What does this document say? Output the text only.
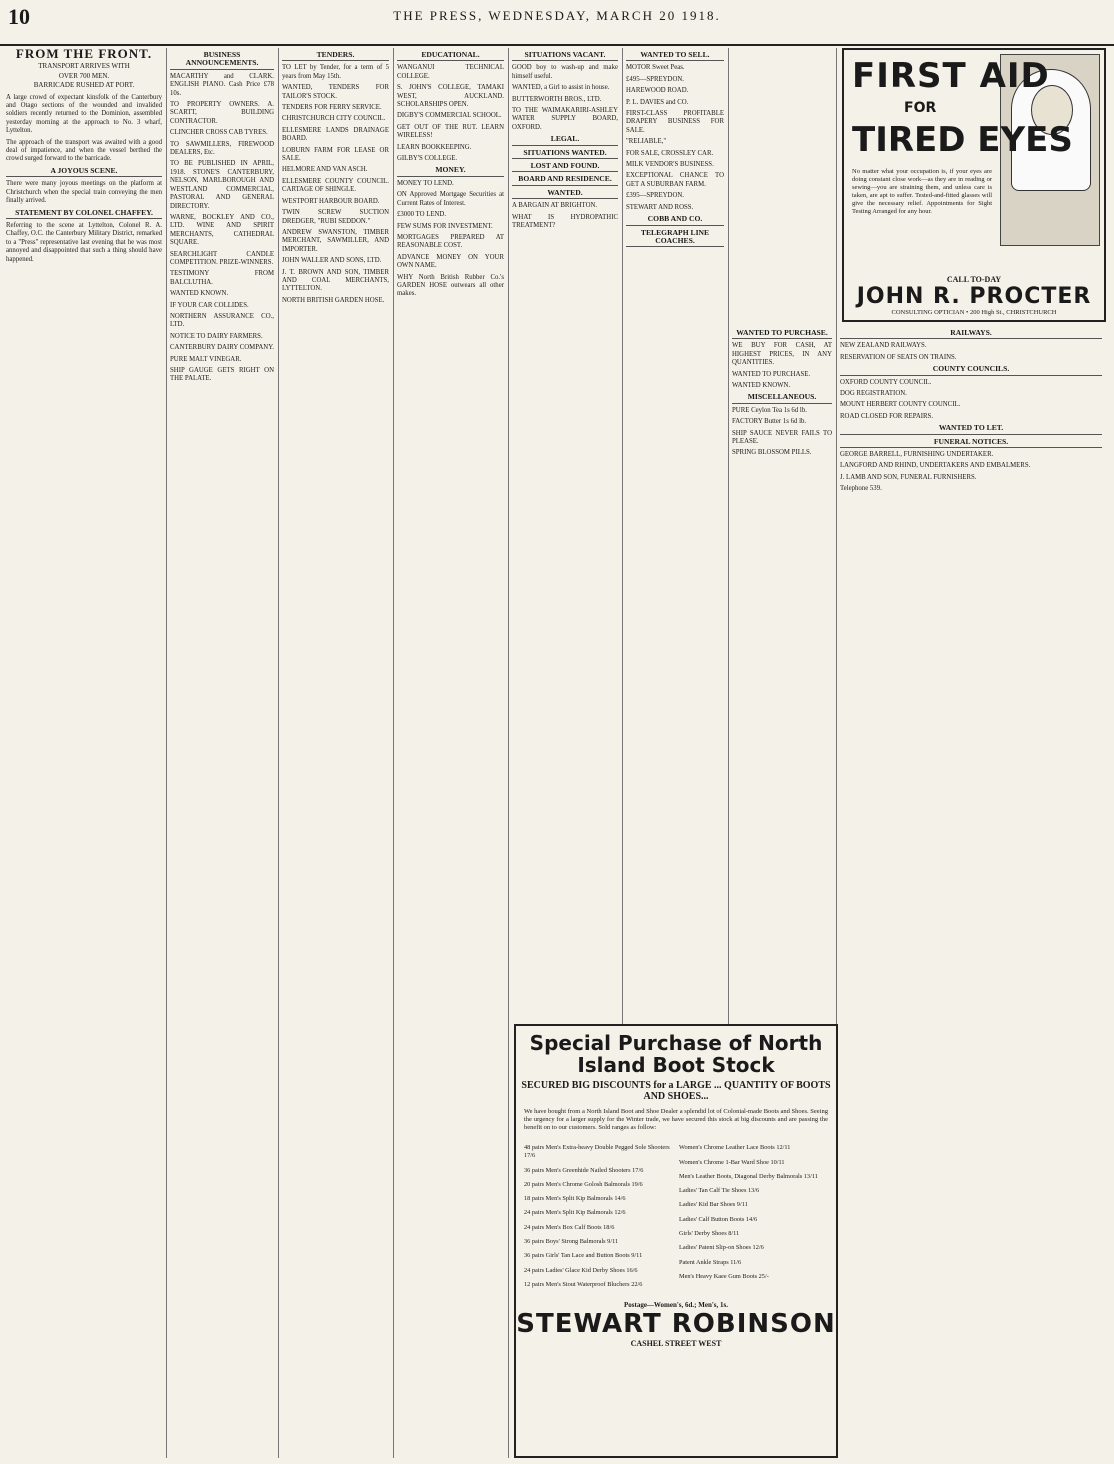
10	THE PRESS, WEDNESDAY, MARCH 20 1918.
FROM THE FRONT.
TRANSPORT ARRIVES WITH
OVER 700 MEN.
BARRICADE RUSHED AT PORT.

A large crowd of expectant kinsfolk of the Canterbury and Otago sections of the wounded and invalided soldiers recently returned to the Dominion, assembled yesterday morning at the approach to No. 3 wharf, Lyttelton.

The approach of the transport was awaited with a good deal of impatience, and when the vessel berthed the crowd surged forward to the barricade.

A JOYOUS SCENE.

There were many joyous meetings on the platform at Christchurch when the special train conveying the men finally arrived.

STATEMENT BY COLONEL CHAFFEY.

Referring to the scene at Lyttelton, Colonel R. A. Chaffey, O.C. the Canterbury Military District, remarked to a "Press" representative last evening that he was most annoyed and disappointed that such a thing should have happened.

BUSINESS ANNOUNCEMENTS.

MACARTHY and CLARK. ENGLISH PIANO. Cash Price £78 10s.

TO PROPERTY OWNERS. A. SCARTT, BUILDING CONTRACTOR.

CLINCHER CROSS CAB TYRES.

TO SAWMILLERS, FIREWOOD DEALERS, Etc.

TO BE PUBLISHED IN APRIL, 1918. STONE'S CANTERBURY, NELSON, MARLBOROUGH AND WESTLAND COMMERCIAL, PASTORAL AND GENERAL DIRECTORY.

WARNE, BOCKLEY AND CO., LTD. WINE AND SPIRIT MERCHANTS, CATHEDRAL SQUARE.

SEARCHLIGHT CANDLE COMPETITION. PRIZE-WINNERS.

TESTIMONY FROM BALCLUTHA.

WANTED KNOWN.

IF YOUR CAR COLLIDES.

NORTHERN ASSURANCE CO., LTD.

NOTICE TO DAIRY FARMERS.

CANTERBURY DAIRY COMPANY.

PURE MALT VINEGAR.

SHIP GAUGE GETS RIGHT ON THE PALATE.

TENDERS.

TO LET by Tender, for a term of 5 years from May 15th.

WANTED, TENDERS FOR TAILOR'S STOCK.

TENDERS FOR FERRY SERVICE.

CHRISTCHURCH CITY COUNCIL.

ELLESMERE LANDS DRAINAGE BOARD.

LOBURN FARM FOR LEASE OR SALE.

HELMORE AND VAN ASCH.

ELLESMERE COUNTY COUNCIL. CARTAGE OF SHINGLE.

WESTPORT HARBOUR BOARD.

TWIN SCREW SUCTION DREDGER, "RUBI SEDDON."

ANDREW SWANSTON, TIMBER MERCHANT, SAWMILLER, AND IMPORTER.

JOHN WALLER AND SONS, LTD.

J. T. BROWN AND SON, TIMBER AND COAL MERCHANTS, LYTTELTON.

NORTH BRITISH GARDEN HOSE.

EDUCATIONAL.

WANGANUI TECHNICAL COLLEGE.

S. JOHN'S COLLEGE, TAMAKI WEST, AUCKLAND. SCHOLARSHIPS OPEN.

DIGBY'S COMMERCIAL SCHOOL.

GET OUT OF THE RUT. LEARN WIRELESS!

LEARN BOOKKEEPING.

GILBY'S COLLEGE.

MONEY.

MONEY TO LEND.

ON Approved Mortgage Securities at Current Rates of Interest.

£3000 TO LEND.

FEW SUMS FOR INVESTMENT.

MORTGAGES PREPARED AT REASONABLE COST.

ADVANCE MONEY ON YOUR OWN NAME.

WHY North British Rubber Co.'s GARDEN HOSE outwears all other makes.

SITUATIONS VACANT.

GOOD boy to wash-up and make himself useful.

WANTED, a Girl to assist in house.

BUTTERWORTH BROS., LTD.

TO THE WAIMAKARIRI-ASHLEY WATER SUPPLY BOARD, OXFORD.

LEGAL.
SITUATIONS WANTED.
LOST AND FOUND.
BOARD AND RESIDENCE.
WANTED.

A BARGAIN AT BRIGHTON.

WHAT IS HYDROPATHIC TREATMENT?

WANTED TO SELL.

MOTOR Sweet Peas.

£495—SPREYDON.

HAREWOOD ROAD.

P. L. DAVIES and CO.

FIRST-CLASS PROFITABLE DRAPERY BUSINESS FOR SALE.

"RELIABLE,"

FOR SALE, CROSSLEY CAR.

MILK VENDOR'S BUSINESS.

EXCEPTIONAL CHANCE TO GET A SUBURBAN FARM.

£395—SPREYDON.

STEWART AND ROSS.

COBB AND CO.
TELEGRAPH LINE COACHES.
FIRST AID
FOR
TIRED EYES
No matter what your occupation is, if your eyes are doing constant close work—as they are in reading or sewing—you are straining them, and unless care is taken, are apt to suffer. Tested-and-fitted glasses will give the necessary relief. Appointments for Sight Testing Arranged for any hour.
CALL TO-DAY
JOHN R. PROCTER
CONSULTING OPTICIAN • 200 High St., CHRISTCHURCH
WANTED TO PURCHASE.

WE BUY FOR CASH, AT HIGHEST PRICES, IN ANY QUANTITIES.

WANTED TO PURCHASE.

WANTED KNOWN.

MISCELLANEOUS.

PURE Ceylon Tea 1s 6d lb.

FACTORY Butter 1s 6d lb.

SHIP SAUCE NEVER FAILS TO PLEASE.

SPRING BLOSSOM PILLS.

RAILWAYS.

NEW ZEALAND RAILWAYS.

RESERVATION OF SEATS ON TRAINS.

COUNTY COUNCILS.

OXFORD COUNTY COUNCIL.

DOG REGISTRATION.

MOUNT HERBERT COUNTY COUNCIL.

ROAD CLOSED FOR REPAIRS.

WANTED TO LET.
FUNERAL NOTICES.

GEORGE BARRELL, FURNISHING UNDERTAKER.

LANGFORD AND RHIND, UNDERTAKERS AND EMBALMERS.

J. LAMB AND SON, FUNERAL FURNISHERS.

Telephone 539.

Special Purchase of North Island Boot Stock
SECURED BIG DISCOUNTS for a LARGE ... QUANTITY OF BOOTS AND SHOES...
We have bought from a North Island Boot and Shoe Dealer a splendid lot of Colonial-made Boots and Shoes. Seeing the urgency for a larger supply for the Winter trade, we have secured this stock at big discounts and are passing the benefit on to our customers. Sold ranges as follow:

48 pairs Men's Extra-heavy Double Pegged Sole Shooters 17/6

36 pairs Men's Greenhide Nailed Shooters 17/6

20 pairs Men's Chrome Golosh Balmorals 19/6

18 pairs Men's Split Kip Balmorals 14/6

24 pairs Men's Split Kip Balmorals 12/6

24 pairs Men's Box Calf Boots 18/6

36 pairs Boys' Strong Balmorals 9/11

36 pairs Girls' Tan Lace and Button Boots 9/11

24 pairs Ladies' Glace Kid Derby Shoes 16/6

12 pairs Men's Stout Waterproof Bluchers 22/6

Women's Chrome Leather Lace Boots 12/11

Women's Chrome 1-Bar Ward Shoe 10/11

Men's Leather Boots, Diagonal Derby Balmorals 13/11

Ladies' Tan Calf Tie Shoes 13/6

Ladies' Kid Bar Shoes 9/11

Ladies' Calf Button Boots 14/6

Girls' Derby Shoes 8/11

Ladies' Patent Slip-on Shoes 12/6

Patent Ankle Straps 11/6

Men's Heavy Kaee Gum Boots 25/-

Postage—Women's, 6d.; Men's, 1s.
STEWART ROBINSON
CASHEL STREET WEST
